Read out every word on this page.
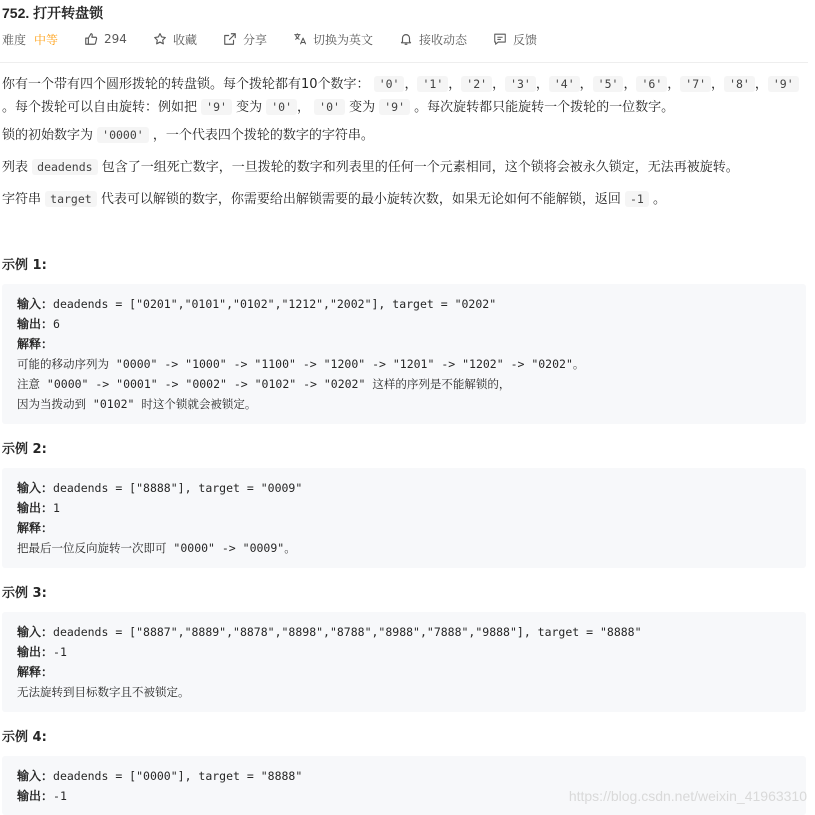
752. 打开转盘锁
难度 中等	294	收藏	分享	切换为英文	接收动态	反馈
你有一个带有四个圆形拨轮的转盘锁。每个拨轮都有10个数字： '0' ， '1' ， '2' ， '3' ， '4' ， '5' ， '6' ， '7' ， '8' ， '9' 。每个拨轮可以自由旋转：例如把 '9' 变为 '0' ， '0' 变为 '9' 。每次旋转都只能旋转一个拨轮的一位数字。
锁的初始数字为 '0000' ，一个代表四个拨轮的数字的字符串。
列表 deadends 包含了一组死亡数字，一旦拨轮的数字和列表里的任何一个元素相同，这个锁将会被永久锁定，无法再被旋转。
字符串 target 代表可以解锁的数字，你需要给出解锁需要的最小旋转次数，如果无论如何不能解锁，返回 -1 。
示例 1:
输入：deadends = ["0201","0101","0102","1212","2002"], target = "0202"
输出：6
解释：
可能的移动序列为 "0000" -> "1000" -> "1100" -> "1200" -> "1201" -> "1202" -> "0202"。
注意 "0000" -> "0001" -> "0002" -> "0102" -> "0202" 这样的序列是不能解锁的，
因为当拨动到 "0102" 时这个锁就会被锁定。
示例 2:
输入：deadends = ["8888"], target = "0009"
输出：1
解释：
把最后一位反向旋转一次即可 "0000" -> "0009"。
示例 3:
输入：deadends = ["8887","8889","8878","8898","8788","8988","7888","9888"], target = "8888"
输出：-1
解释：
无法旋转到目标数字且不被锁定。
示例 4:
输入：deadends = ["0000"], target = "8888"
输出：-1	https://blog.csdn.net/weixin_41963310
